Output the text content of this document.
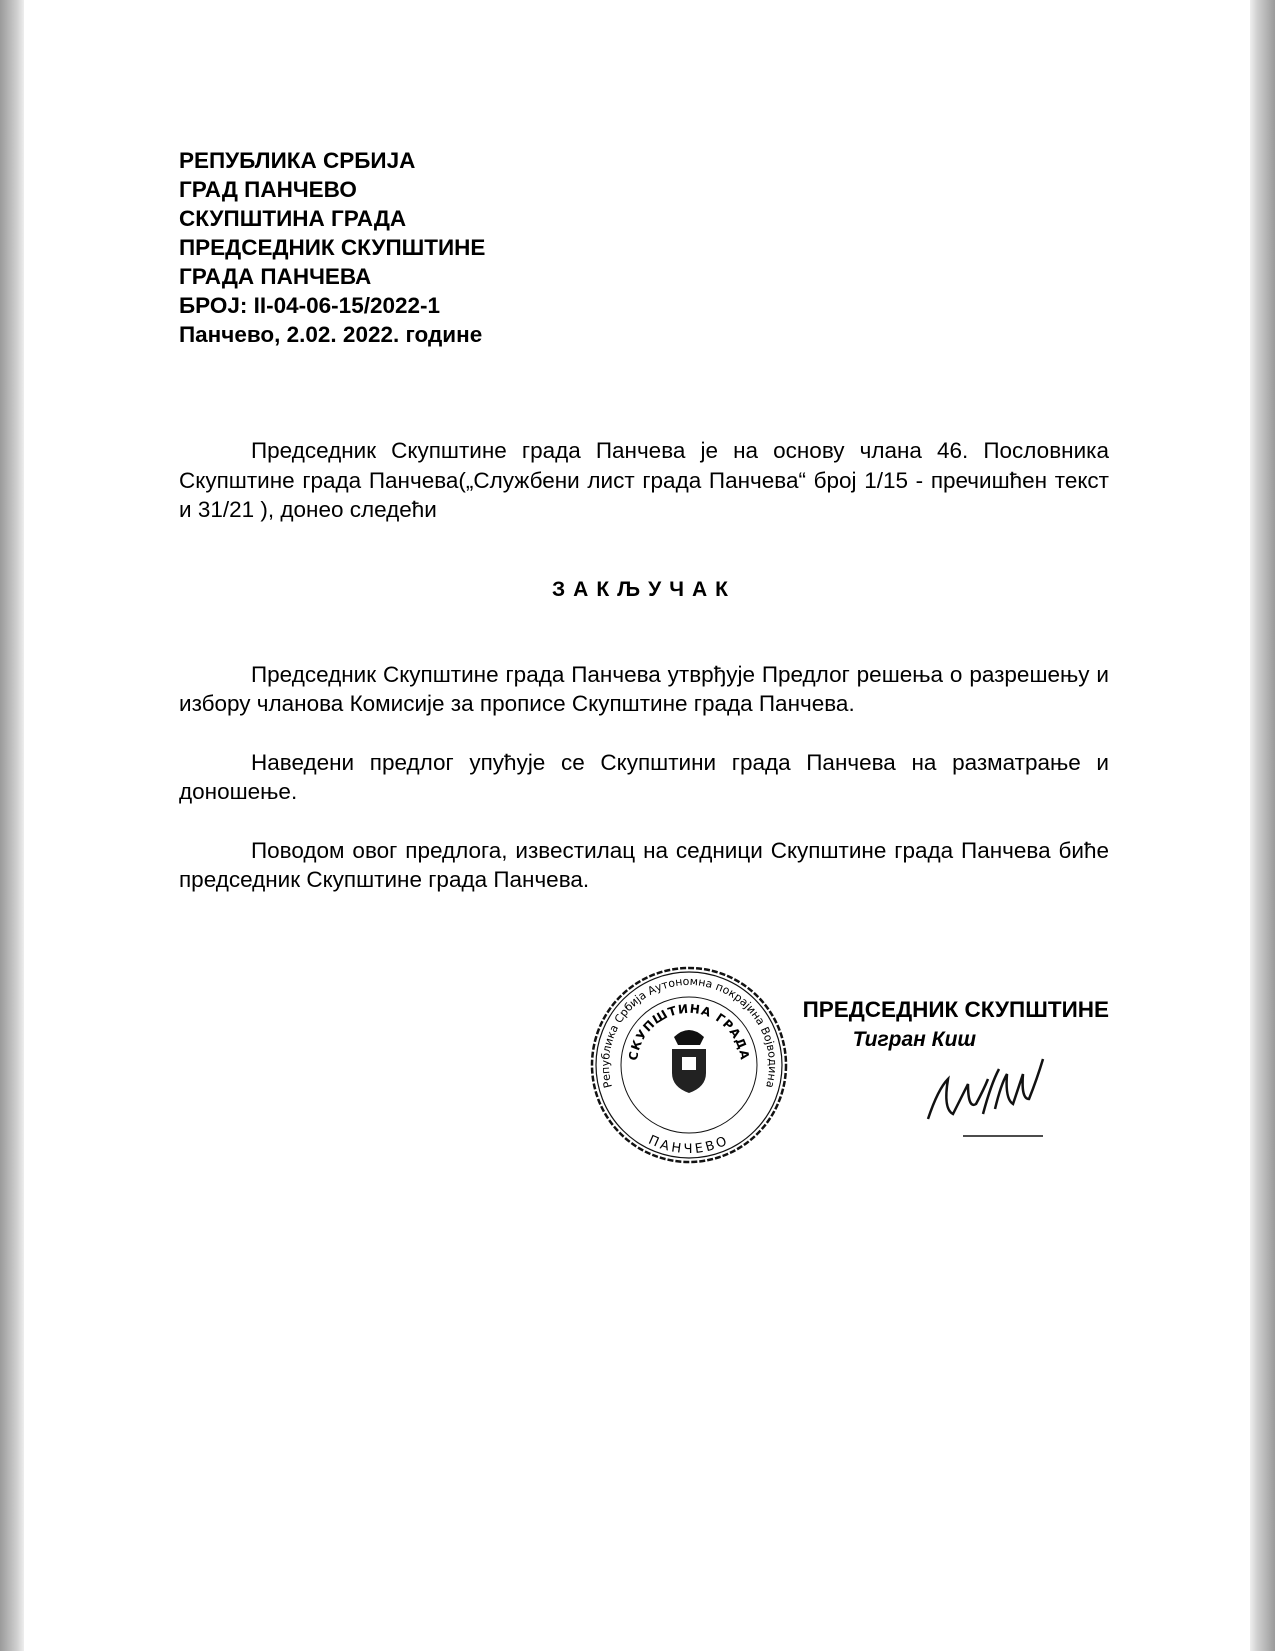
РЕПУБЛИКА СРБИЈА
ГРАД ПАНЧЕВО
СКУПШТИНА ГРАДА
ПРЕДСЕДНИК СКУПШТИНЕ
ГРАДА ПАНЧЕВА
БРОЈ: II-04-06-15/2022-1
Панчево, 2.02. 2022. године

Председник Скупштине града Панчева је на основу члана 46. Пословника Скупштине града Панчева(„Службени лист града Панчева“ број 1/15 - пречишћен текст и 31/21 ), донео следећи

ЗАКЉУЧАК

Председник Скупштине града Панчева утврђује Предлог решења о разрешењу и избору чланова Комисије за прописе Скупштине града Панчева.

Наведени предлог упућује се Скупштини града Панчева на разматрање и доношење.

Поводом овог предлога, известилац на седници Скупштине града Панчева биће председник Скупштине града Панчева.

Република Србија Аутономна покрајина Војводина
СКУПШТИНА ГРАДА
ПАНЧЕВО
ПРЕДСЕДНИК СКУПШТИНЕ
Тигран Киш
